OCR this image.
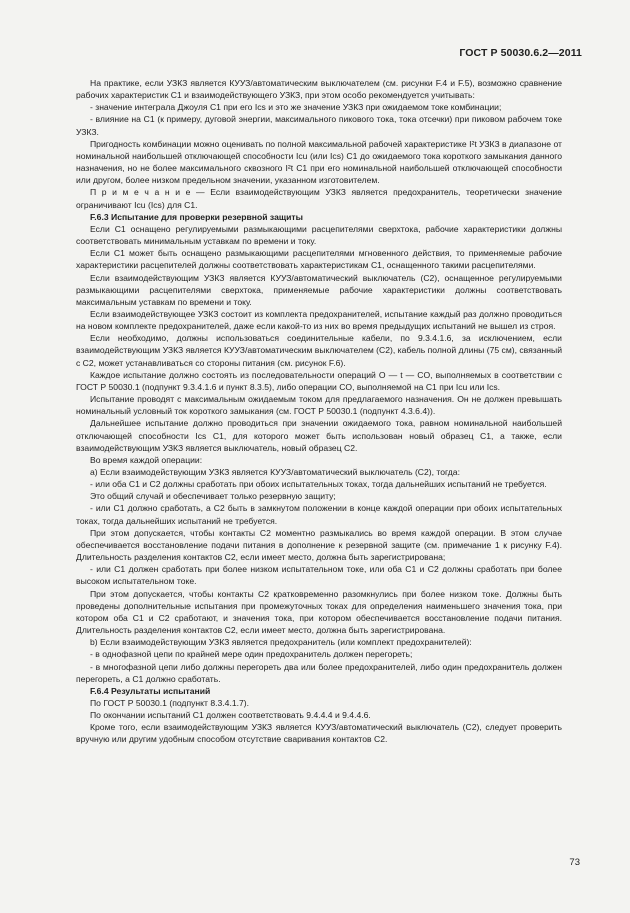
ГОСТ Р 50030.6.2—2011

На практике, если УЗКЗ является КУУЗ/автоматическим выключателем (см. рисунки F.4 и F.5), возможно сравнение рабочих характеристик C1 и взаимодействующего УЗКЗ, при этом особо рекомендуется учитывать:

- значение интеграла Джоуля C1 при его Ics и это же значение УЗКЗ при ожидаемом токе комбинации;

- влияние на C1 (к примеру, дуговой энергии, максимального пикового тока, тока отсечки) при пиковом рабочем токе УЗКЗ.

Пригодность комбинации можно оценивать по полной максимальной рабочей характеристике I²t УЗКЗ в диапазоне от номинальной наибольшей отключающей способности Icu (или Ics) C1 до ожидаемого тока короткого замыкания данного назначения, но не более максимального сквозного I²t C1 при его номинальной наибольшей отключающей способности или другом, более низком предельном значении, указанном изготовителем.

П р и м е ч а н и е — Если взаимодействующим УЗКЗ является предохранитель, теоретически значение ограничивают Icu (Ics) для C1.

F.6.3 Испытание для проверки резервной защиты

Если C1 оснащено регулируемыми размыкающими расцепителями сверхтока, рабочие характеристики должны соответствовать минимальным уставкам по времени и току.

Если C1 может быть оснащено размыкающими расцепителями мгновенного действия, то применяемые рабочие характеристики расцепителей должны соответствовать характеристикам C1, оснащенного такими расцепителями.

Если взаимодействующим УЗКЗ является КУУЗ/автоматический выключатель (C2), оснащенное регулируемыми размыкающими расцепителями сверхтока, применяемые рабочие характеристики должны соответствовать максимальным уставкам по времени и току.

Если взаимодействующее УЗКЗ состоит из комплекта предохранителей, испытание каждый раз должно проводиться на новом комплекте предохранителей, даже если какой-то из них во время предыдущих испытаний не вышел из строя.

Если необходимо, должны использоваться соединительные кабели, по 9.3.4.1.6, за исключением, если взаимодействующим УЗКЗ является КУУЗ/автоматическим выключателем (C2), кабель полной длины (75 см), связанный с C2, может устанавливаться со стороны питания (см. рисунок F.6).

Каждое испытание должно состоять из последовательности операций O — t — CO, выполняемых в соответствии с ГОСТ Р 50030.1 (подпункт 9.3.4.1.6 и пункт 8.3.5), либо операции CO, выполняемой на C1 при Icu или Ics.

Испытание проводят с максимальным ожидаемым током для предлагаемого назначения. Он не должен превышать номинальный условный ток короткого замыкания (см. ГОСТ Р 50030.1 (подпункт 4.3.6.4)).

Дальнейшее испытание должно проводиться при значении ожидаемого тока, равном номинальной наибольшей отключающей способности Ics C1, для которого может быть использован новый образец C1, а также, если взаимодействующим УЗКЗ является выключатель, новый образец C2.

Во время каждой операции:

a) Если взаимодействующим УЗКЗ является КУУЗ/автоматический выключатель (C2), тогда:

- или оба C1 и C2 должны сработать при обоих испытательных токах, тогда дальнейших испытаний не требуется.

Это общий случай и обеспечивает только резервную защиту;

- или C1 должно сработать, а C2 быть в замкнутом положении в конце каждой операции при обоих испытательных токах, тогда дальнейших испытаний не требуется.

При этом допускается, чтобы контакты C2 моментно размыкались во время каждой операции. В этом случае обеспечивается восстановление подачи питания в дополнение к резервной защите (см. примечание 1 к рисунку F.4). Длительность разделения контактов C2, если имеет место, должна быть зарегистрирована;

- или C1 должен сработать при более низком испытательном токе, или оба C1 и C2 должны сработать при более высоком испытательном токе.

При этом допускается, чтобы контакты C2 кратковременно разомкнулись при более низком токе. Должны быть проведены дополнительные испытания при промежуточных токах для определения наименьшего значения тока, при котором оба C1 и C2 сработают, и значения тока, при котором обеспечивается восстановление подачи питания. Длительность разделения контактов C2, если имеет место, должна быть зарегистрирована.

b) Если взаимодействующим УЗКЗ является предохранитель (или комплект предохранителей):

- в однофазной цепи по крайней мере один предохранитель должен перегореть;

- в многофазной цепи либо должны перегореть два или более предохранителей, либо один предохранитель должен перегореть, а C1 должно сработать.

F.6.4 Результаты испытаний

По ГОСТ Р 50030.1 (подпункт 8.3.4.1.7).

По окончании испытаний C1 должен соответствовать 9.4.4.4 и 9.4.4.6.

Кроме того, если взаимодействующим УЗКЗ является КУУЗ/автоматический выключатель (C2), следует проверить вручную или другим удобным способом отсутствие сваривания контактов C2.

73
